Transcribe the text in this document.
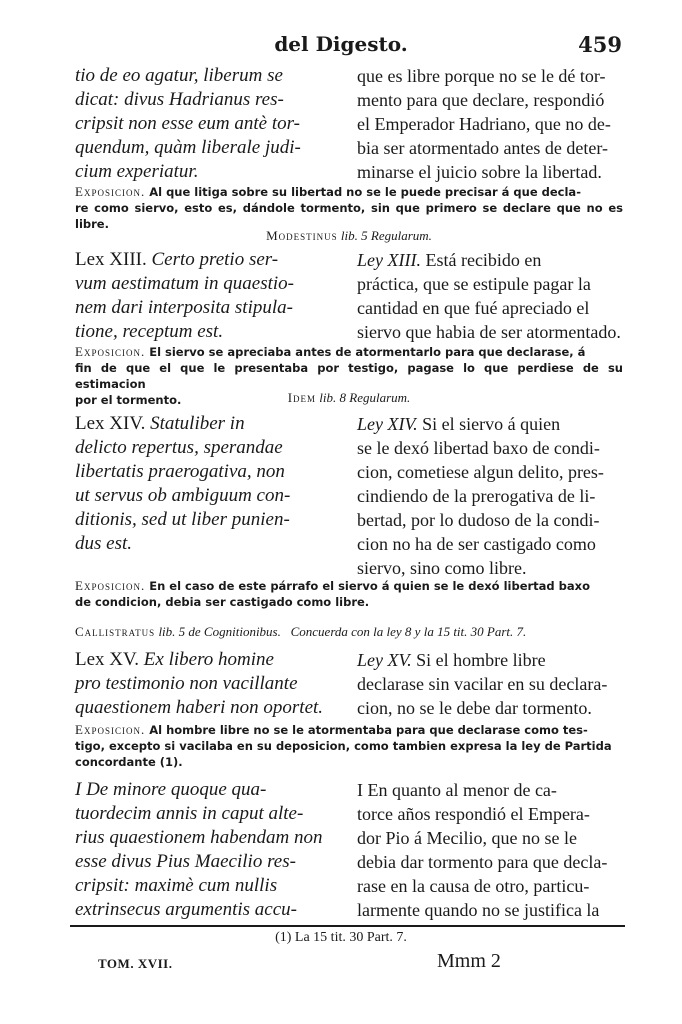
del Digesto.	459
tio de eo agatur, liberum se
dicat: divus Hadrianus res-
cripsit non esse eum antè tor-
quendum, quàm liberale judi-
cium experiatur.
que es libre porque no se le dé tor-
mento para que declare, respondió
el Emperador Hadriano, que no de-
bia ser atormentado antes de deter-
minarse el juicio sobre la libertad.
Exposicion. Al que litiga sobre su libertad no se le puede precisar á que decla-
re como siervo, esto es, dándole tormento, sin que primero se declare que no es libre.
Modestinus lib. 5 Regularum.
Lex XIII. Certo pretio ser-
vum aestimatum in quaestio-
nem dari interposita stipula-
tione, receptum est.
Ley XIII. Está recibido en
práctica, que se estipule pagar la
cantidad en que fué apreciado el
siervo que habia de ser atormentado.
Exposicion. El siervo se apreciaba antes de atormentarlo para que declarase, á
fin de que el que le presentaba por testigo, pagase lo que perdiese de su estimacion
por el tormento.	Idem lib. 8 Regularum.
Lex XIV. Statuliber in
delicto repertus, sperandae
libertatis praerogativa, non
ut servus ob ambiguum con-
ditionis, sed ut liber punien-
dus est.
Ley XIV. Si el siervo á quien
se le dexó libertad baxo de condi-
cion, cometiese algun delito, pres-
cindiendo de la prerogativa de li-
bertad, por lo dudoso de la condi-
cion no ha de ser castigado como
siervo, sino como libre.
Exposicion. En el caso de este párrafo el siervo á quien se le dexó libertad baxo
de condicion, debia ser castigado como libre.
Callistratus lib. 5 de Cognitionibus. Concuerda con la ley 8 y la 15 tit. 30 Part. 7.
Lex XV. Ex libero homine
pro testimonio non vacillante
quaestionem haberi non oportet.
Ley XV. Si el hombre libre
declarase sin vacilar en su declara-
cion, no se le debe dar tormento.
Exposicion. Al hombre libre no se le atormentaba para que declarase como tes-
tigo, excepto si vacilaba en su deposicion, como tambien expresa la ley de Partida
concordante (1).
I De minore quoque qua-
tuordecim annis in caput alte-
rius quaestionem habendam non
esse divus Pius Maecilio res-
cripsit: maximè cum nullis
extrinsecus argumentis accu-
I En quanto al menor de ca-
torce años respondió el Empera-
dor Pio á Mecilio, que no se le
debia dar tormento para que decla-
rase en la causa de otro, particu-
larmente quando no se justifica la
(1) La 15 tit. 30 Part. 7.
TOM. XVII.	Mmm 2
